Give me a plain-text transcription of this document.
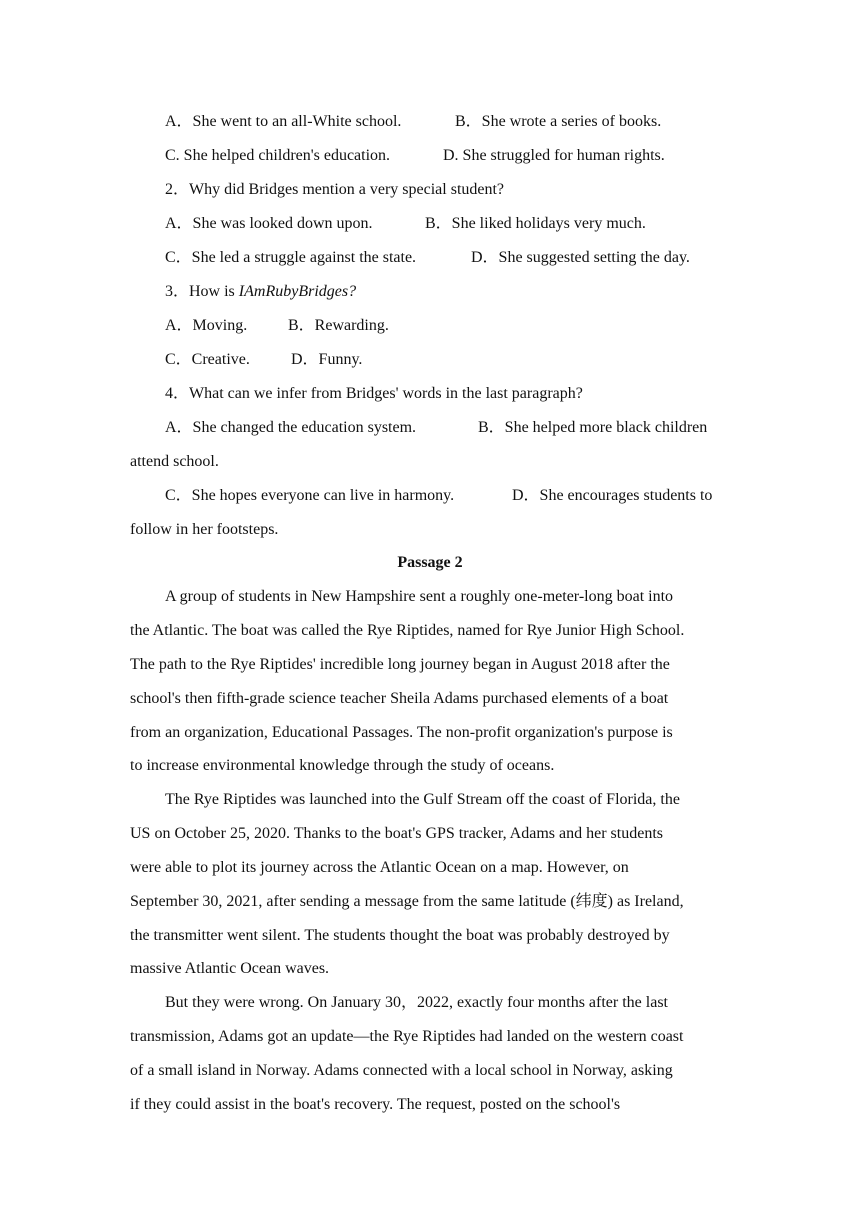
A．She went to an all-White school.	B．She wrote a series of books.
C. She helped children's education.	D. She struggled for human rights.
2．Why did Bridges mention a very special student?
A．She was looked down upon.	B．She liked holidays very much.
C．She led a struggle against the state.	D．She suggested setting the day.
3．How is IAmRubyBridges?
A．Moving.	B．Rewarding.
C．Creative.	D．Funny.
4．What can we infer from Bridges' words in the last paragraph?
A．She changed the education system.	B．She helped more black children
attend school.
C．She hopes everyone can live in harmony.	D．She encourages students to
follow in her footsteps.
Passage 2
A group of students in New Hampshire sent a roughly one-meter-long boat into
the Atlantic. The boat was called the Rye Riptides, named for Rye Junior High School.
The path to the Rye Riptides' incredible long journey began in August 2018 after the
school's then fifth-grade science teacher Sheila Adams purchased elements of a boat
from an organization, Educational Passages. The non-profit organization's purpose is
to increase environmental knowledge through the study of oceans.
The Rye Riptides was launched into the Gulf Stream off the coast of Florida, the
US on October 25, 2020. Thanks to the boat's GPS tracker, Adams and her students
were able to plot its journey across the Atlantic Ocean on a map. However, on
September 30, 2021, after sending a message from the same latitude (纬度) as Ireland,
the transmitter went silent. The students thought the boat was probably destroyed by
massive Atlantic Ocean waves.
But they were wrong. On January 30，2022, exactly four months after the last
transmission, Adams got an update—the Rye Riptides had landed on the western coast
of a small island in Norway. Adams connected with a local school in Norway, asking
if they could assist in the boat's recovery. The request, posted on the school's
